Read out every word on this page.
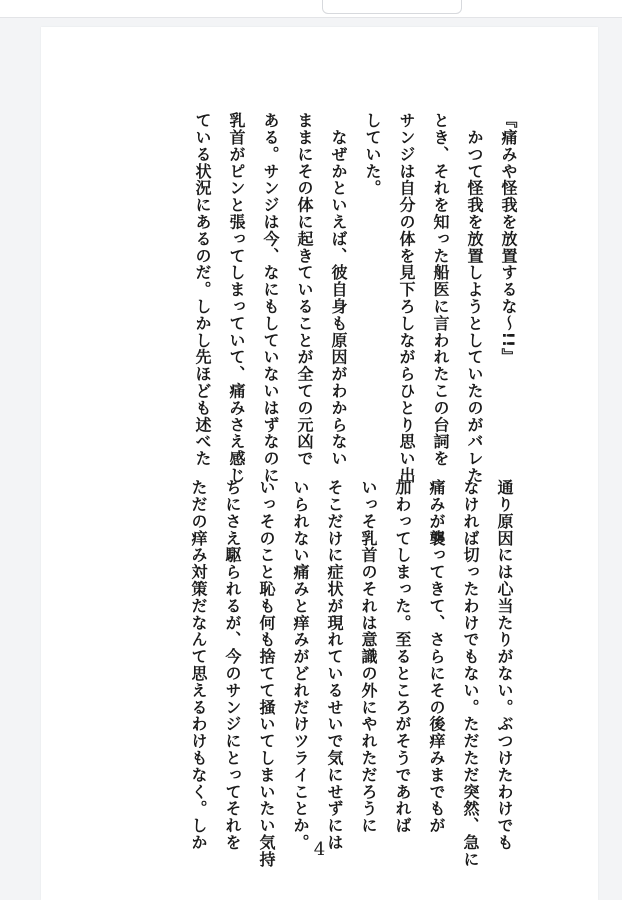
『痛みや怪我を放置するな〜!!』
　かつて怪我を放置しようとしていたのがバレた
とき、それを知った船医に言われたこの台詞を
サンジは自分の体を見下ろしながらひとり思い出
していた。
　なぜかといえば、彼自身も原因がわからない
ままにその体に起きていることが全ての元凶で
ある。サンジは今、なにもしていないはずなのに
乳首がピンと張ってしまっていて、痛みさえ感じ
ている状況にあるのだ。しかし先ほども述べた
通り原因には心当たりがない。ぶつけたわけでも
なければ切ったわけでもない。ただただ突然、急に
痛みが襲ってきて、さらにその後痒みまでもが
加わってしまった。至るところがそうであれば
いっそ乳首のそれは意識の外にやれただろうに
そこだけに症状が現れているせいで気にせずには
いられない痛みと痒みがどれだけツライことか。
いっそのこと恥も何も捨てて掻いてしまいたい気持
ちにさえ駆られるが、今のサンジにとってそれを
ただの痒み対策だなんて思えるわけもなく。しか	4
